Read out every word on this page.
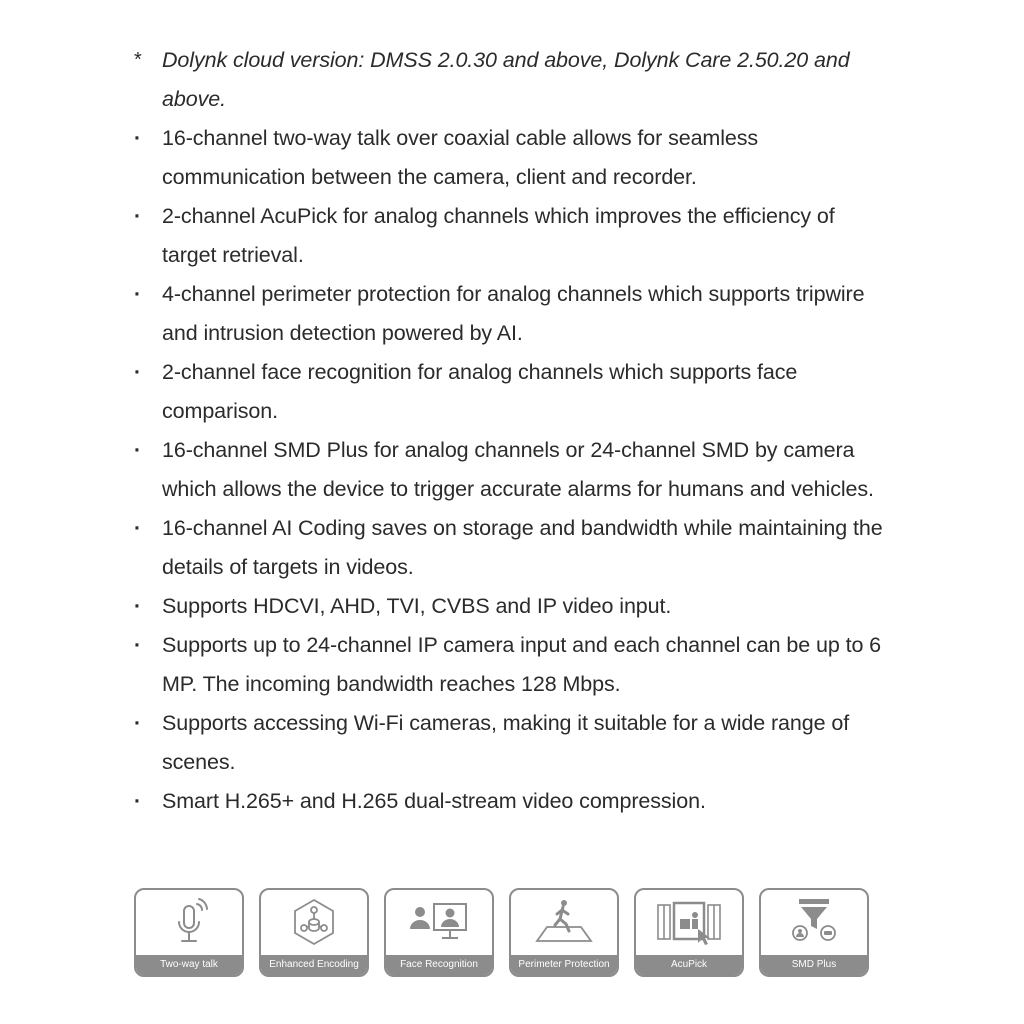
* Dolynk cloud version: DMSS 2.0.30 and above, Dolynk Care 2.50.20 and above.
· 16-channel two-way talk over coaxial cable allows for seamless communication between the camera, client and recorder.
· 2-channel AcuPick for analog channels which improves the efficiency of target retrieval.
· 4-channel perimeter protection for analog channels which supports tripwire and intrusion detection powered by AI.
· 2-channel face recognition for analog channels which supports face comparison.
· 16-channel SMD Plus for analog channels or 24-channel SMD by camera which allows the device to trigger accurate alarms for humans and vehicles.
· 16-channel AI Coding saves on storage and bandwidth while maintaining the details of targets in videos.
· Supports HDCVI, AHD, TVI, CVBS and IP video input.
· Supports up to 24-channel IP camera input and each channel can be up to 6 MP. The incoming bandwidth reaches 128 Mbps.
· Supports accessing Wi-Fi cameras, making it suitable for a wide range of scenes.
· Smart H.265+ and H.265 dual-stream video compression.
Two-way talk	Enhanced Encoding	Face Recognition	Perimeter Protection	AcuPick	SMD Plus
